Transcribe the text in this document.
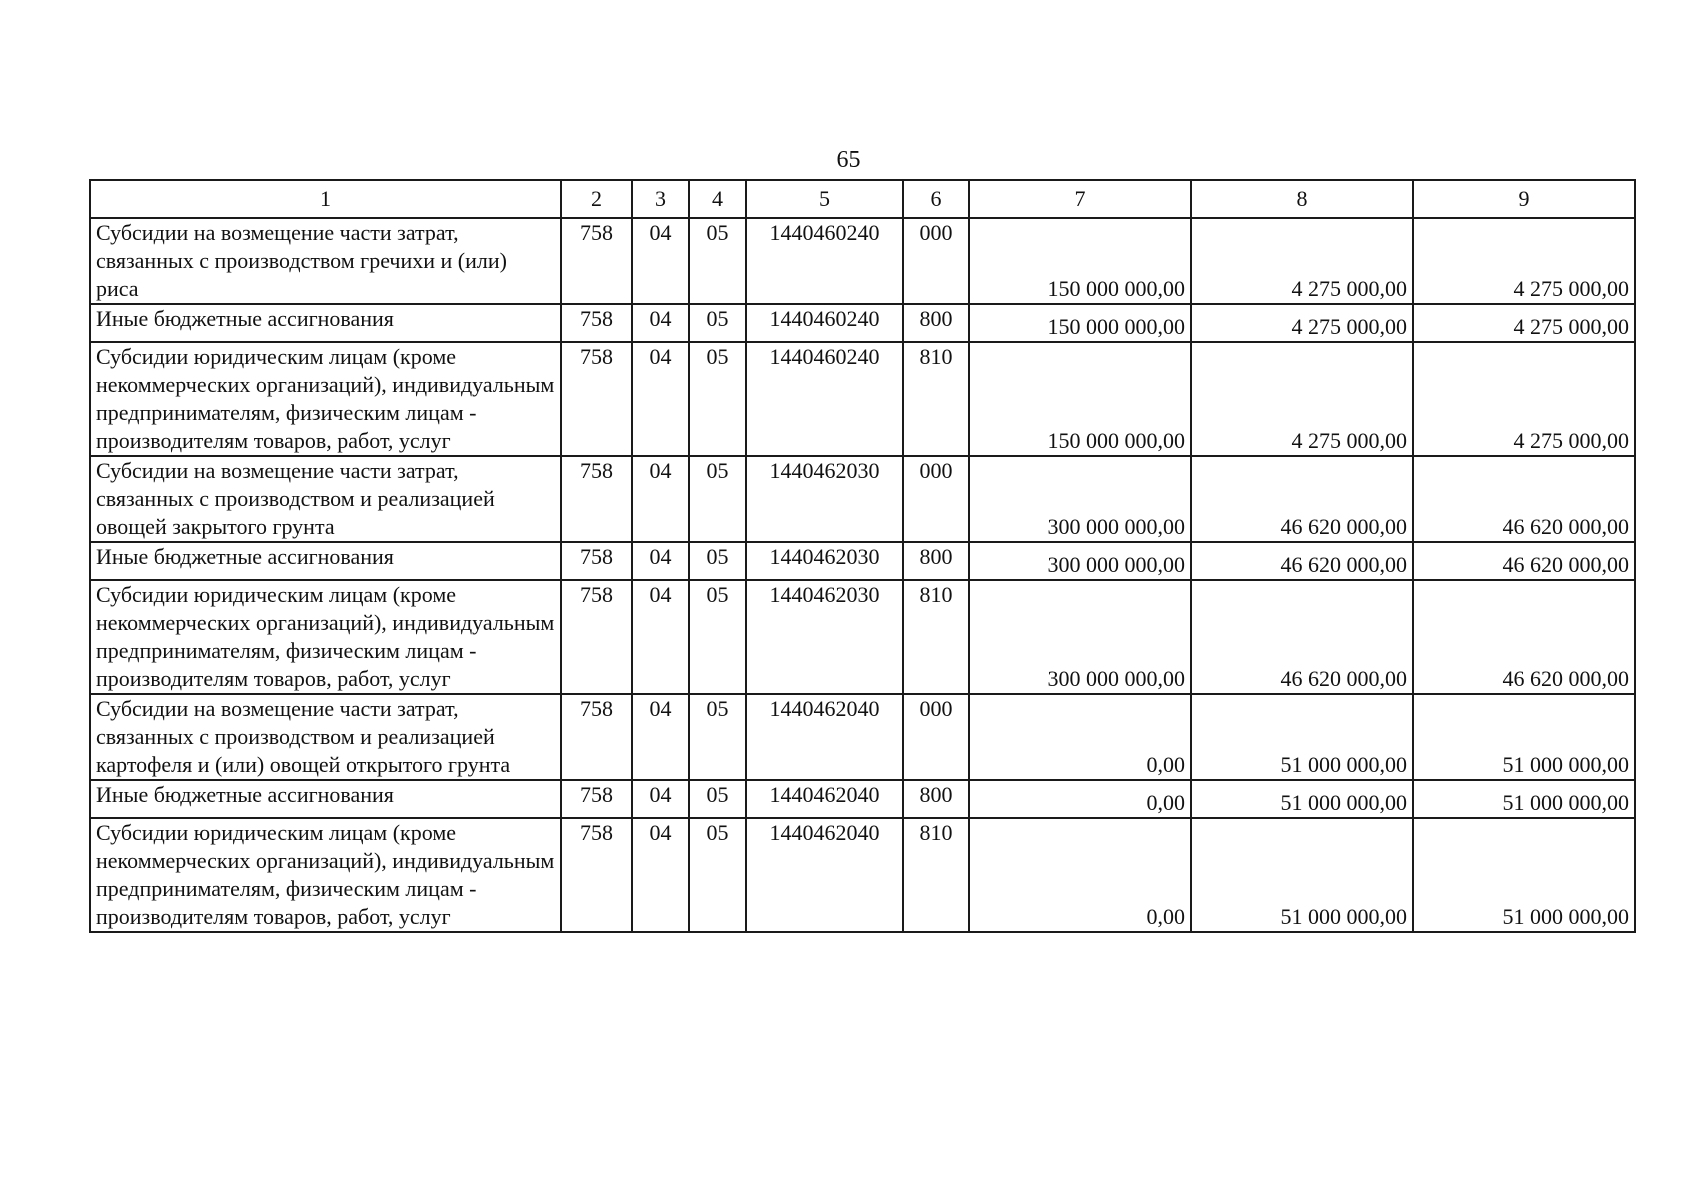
65
1	2	3	4	5	6	7	8	9
Субсидии на возмещение части затрат, связанных с производством гречихи и (или) риса	758	04	05	1440460240	000	150 000 000,00	4 275 000,00	4 275 000,00
Иные бюджетные ассигнования	758	04	05	1440460240	800	150 000 000,00	4 275 000,00	4 275 000,00
Субсидии юридическим лицам (кроме некоммерческих организаций), индивидуальным предпринимателям, физическим лицам - производителям товаров, работ, услуг	758	04	05	1440460240	810	150 000 000,00	4 275 000,00	4 275 000,00
Субсидии на возмещение части затрат, связанных с производством и реализацией овощей закрытого грунта	758	04	05	1440462030	000	300 000 000,00	46 620 000,00	46 620 000,00
Иные бюджетные ассигнования	758	04	05	1440462030	800	300 000 000,00	46 620 000,00	46 620 000,00
Субсидии юридическим лицам (кроме некоммерческих организаций), индивидуальным предпринимателям, физическим лицам - производителям товаров, работ, услуг	758	04	05	1440462030	810	300 000 000,00	46 620 000,00	46 620 000,00
Субсидии на возмещение части затрат, связанных с производством и реализацией картофеля и (или) овощей открытого грунта	758	04	05	1440462040	000	0,00	51 000 000,00	51 000 000,00
Иные бюджетные ассигнования	758	04	05	1440462040	800	0,00	51 000 000,00	51 000 000,00
Субсидии юридическим лицам (кроме некоммерческих организаций), индивидуальным предпринимателям, физическим лицам - производителям товаров, работ, услуг	758	04	05	1440462040	810	0,00	51 000 000,00	51 000 000,00
